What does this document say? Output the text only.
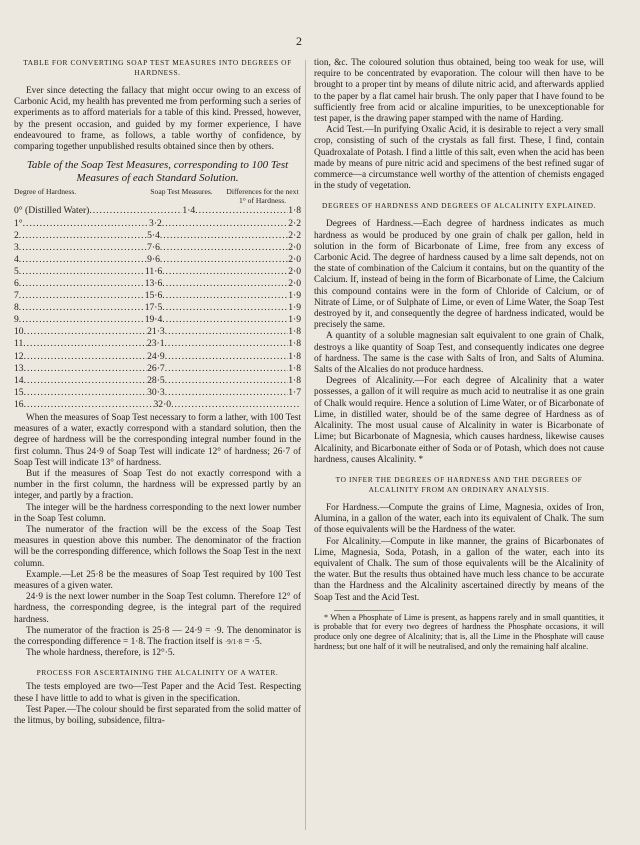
2
TABLE FOR CONVERTING SOAP TEST MEASURES INTO DEGREES OF HARDNESS.

Ever since detecting the fallacy that might occur owing to an excess of Carbonic Acid, my health has prevented me from performing such a series of experiments as to afford materials for a table of this kind. Pressed, however, by the present occasion, and guided by my former experience, I have endeavoured to frame, as follows, a table worthy of confidence, by comparing together unpublished results obtained since then by others.

Table of the Soap Test Measures, corresponding to 100 Test Measures of each Standard Solution.
Degree of Hardness.	Soap Test Measures.	Differences for the next 1° of Hardness.
0° (Distilled Water) .....	1·4 .....	1·8
1° .....	3·2 .....	2·2
2 .....	5·4 .....	2·2
3 .....	7·6 .....	2·0
4 .....	9·6 .....	2·0
5 .....	11·6 .....	2·0
6 .....	13·6 .....	2·0
7 .....	15·6 .....	1·9
8 .....	17·5 .....	1·9
9 .....	19·4 .....	1·9
10 .....	21·3 .....	1·8
11 .....	23·1 .....	1·8
12 .....	24·9 .....	1·8
13 .....	26·7 .....	1·8
14 .....	28·5 .....	1·8
15 .....	30·3 .....	1·7
16 .....	32·0
.....

When the measures of Soap Test necessary to form a lather, with 100 Test measures of a water, exactly correspond with a standard solution, then the degree of hardness will be the corresponding integral number found in the first column. Thus 24·9 of Soap Test will indicate 12° of hardness; 26·7 of Soap Test will indicate 13° of hardness.

But if the measures of Soap Test do not exactly correspond with a number in the first column, the hardness will be expressed partly by an integer, and partly by a fraction.

The integer will be the hardness corresponding to the next lower number in the Soap Test column.

The numerator of the fraction will be the excess of the Soap Test measures in question above this number. The denominator of the fraction will be the corresponding difference, which follows the Soap Test in the next column.

Example.—Let 25·8 be the measures of Soap Test required by 100 Test measures of a given water.

24·9 is the next lower number in the Soap Test column. Therefore 12° of hardness, the corresponding degree, is the integral part of the required hardness.

The numerator of the fraction is 25·8 — 24·9 = ·9. The denominator is the corresponding difference = 1·8. The fraction itself is ·9/1·8 = ·5.

The whole hardness, therefore, is 12°·5.

PROCESS FOR ASCERTAINING THE ALCALINITY OF A WATER.

The tests employed are two—Test Paper and the Acid Test. Respecting these I have little to add to what is given in the specification.

Test Paper.—The colour should be first separated from the solid matter of the litmus, by boiling, subsidence, filtra-

tion, &c. The coloured solution thus obtained, being too weak for use, will require to be concentrated by evaporation. The colour will then have to be brought to a proper tint by means of dilute nitric acid, and afterwards applied to the paper by a flat camel hair brush. The only paper that I have found to be sufficiently free from acid or alcaline impurities, to be unexceptionable for test paper, is the drawing paper stamped with the name of Harding.

Acid Test.—In purifying Oxalic Acid, it is desirable to reject a very small crop, consisting of such of the crystals as fall first. These, I find, contain Quadroxalate of Potash. I find a little of this salt, even when the acid has been made by means of pure nitric acid and specimens of the best refined sugar of commerce—a circumstance well worthy of the attention of chemists engaged in the study of vegetation.

DEGREES OF HARDNESS AND DEGREES OF ALCALINITY EXPLAINED.

Degrees of Hardness.—Each degree of hardness indicates as much hardness as would be produced by one grain of chalk per gallon, held in solution in the form of Bicarbonate of Lime, free from any excess of Carbonic Acid. The degree of hardness caused by a lime salt depends, not on the state of combination of the Calcium it contains, but on the quantity of the Calcium. If, instead of being in the form of Bicarbonate of Lime, the Calcium this compound contains were in the form of Chloride of Calcium, or of Nitrate of Lime, or of Sulphate of Lime, or even of Lime Water, the Soap Test destroyed by it, and consequently the degree of hardness indicated, would be precisely the same.

A quantity of a soluble magnesian salt equivalent to one grain of Chalk, destroys a like quantity of Soap Test, and consequently indicates one degree of hardness. The same is the case with Salts of Iron, and Salts of Alumina. Salts of the Alcalies do not produce hardness.

Degrees of Alcalinity.—For each degree of Alcalinity that a water possesses, a gallon of it will require as much acid to neutralise it as one grain of Chalk would require. Hence a solution of Lime Water, or of Bicarbonate of Lime, in distilled water, should be of the same degree of Hardness as of Alcalinity. The most usual cause of Alcalinity in water is Bicarbonate of Lime; but Bicarbonate of Magnesia, which causes hardness, likewise causes Alcalinity, and Bicarbonate either of Soda or of Potash, which does not cause hardness, causes Alcalinity. *

TO INFER THE DEGREES OF HARDNESS AND THE DEGREES OF ALCALINITY FROM AN ORDINARY ANALYSIS.

For Hardness.—Compute the grains of Lime, Magnesia, oxides of Iron, Alumina, in a gallon of the water, each into its equivalent of Chalk. The sum of those equivalents will be the Hardness of the water.

For Alcalinity.—Compute in like manner, the grains of Bicarbonates of Lime, Magnesia, Soda, Potash, in a gallon of the water, each into its equivalent of Chalk. The sum of those equivalents will be the Alcalinity of the water. But the results thus obtained have much less chance to be accurate than the Hardness and the Alcalinity ascertained directly by means of the Soap Test and the Acid Test.

* When a Phosphate of Lime is present, as happens rarely and in small quantities, it is probable that for every two degrees of hardness the Phosphate occasions, it will produce only one degree of Alcalinity; that is, all the Lime in the Phosphate will cause hardness; but one half of it will be neutralised, and only the remaining half alcaline.
